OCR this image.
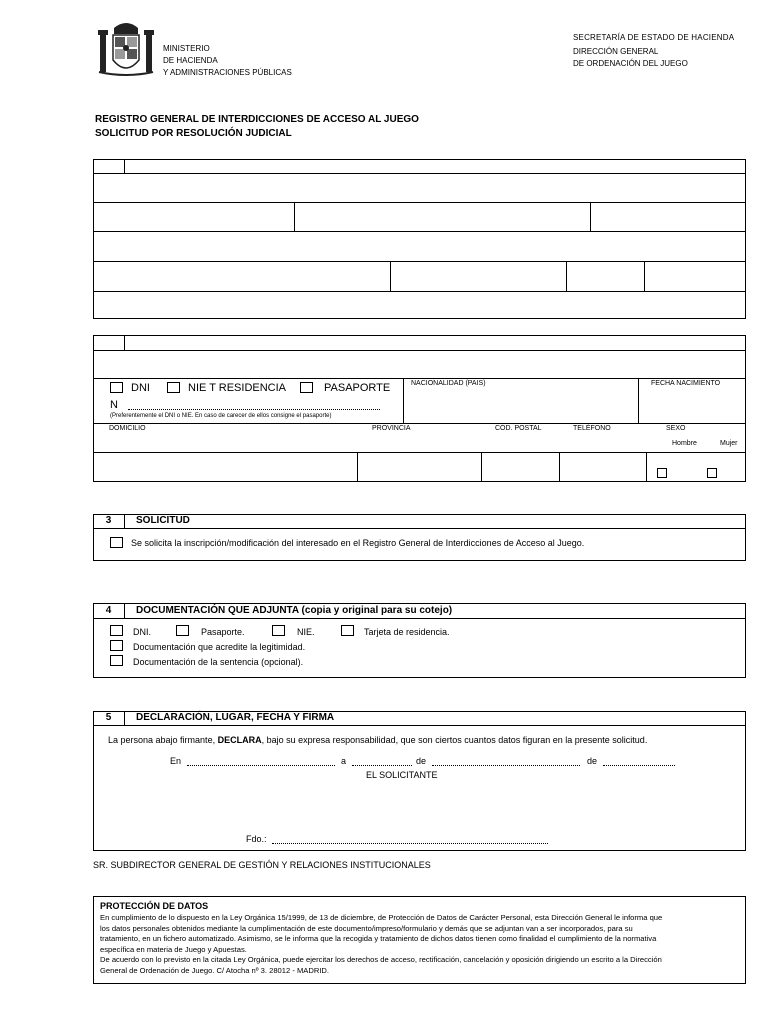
MINISTERIO
DE HACIENDA
Y ADMINISTRACIONES PÚBLICAS
SECRETARÍA DE ESTADO DE HACIENDA
DIRECCIÓN GENERAL
DE ORDENACIÓN DEL JUEGO
REGISTRO GENERAL DE INTERDICCIONES DE ACCESO AL JUEGO
SOLICITUD POR RESOLUCIÓN JUDICIAL
DNI	NIE T RESIDENCIA	PASAPORTE	NACIONALIDAD (PAIS)	FECHA NACIMIENTO
N
(Preferentemente el DNI o NIE. En caso de carecer de ellos consigne el pasaporte)
DOMICILIO	PROVINCIA	CÓD. POSTAL	TELÉFONO	SEXO
Hombre	Mujer
3	SOLICITUD
Se solicita la inscripción/modificación del interesado en el Registro General de Interdicciones de Acceso al Juego.
4	DOCUMENTACIÓN QUE ADJUNTA (copia y original para su cotejo)
DNI.	Pasaporte.	NIE.	Tarjeta de residencia.
Documentación que acredite la legitimidad.
Documentación de la sentencia (opcional).
5	DECLARACIÓN, LUGAR, FECHA Y FIRMA
La persona abajo firmante, DECLARA, bajo su expresa responsabilidad, que son ciertos cuantos datos figuran en la presente solicitud.
En	a	de	de
EL SOLICITANTE
Fdo.:
SR. SUBDIRECTOR GENERAL DE GESTIÓN Y RELACIONES INSTITUCIONALES
PROTECCIÓN DE DATOS
En cumplimiento de lo dispuesto en la Ley Orgánica 15/1999, de 13 de diciembre, de Protección de Datos de Carácter Personal, esta Dirección General le informa que
los datos personales obtenidos mediante la cumplimentación de este documento/impreso/formulario y demás que se adjuntan van a ser incorporados, para su
tratamiento, en un fichero automatizado. Asimismo, se le informa que la recogida y tratamiento de dichos datos tienen como finalidad el cumplimiento de la normativa
específica en materia de Juego y Apuestas.
De acuerdo con lo previsto en la citada Ley Orgánica, puede ejercitar los derechos de acceso, rectificación, cancelación y oposición dirigiendo un escrito a la Dirección
General de Ordenación de Juego. C/ Atocha nº 3. 28012 - MADRID.
